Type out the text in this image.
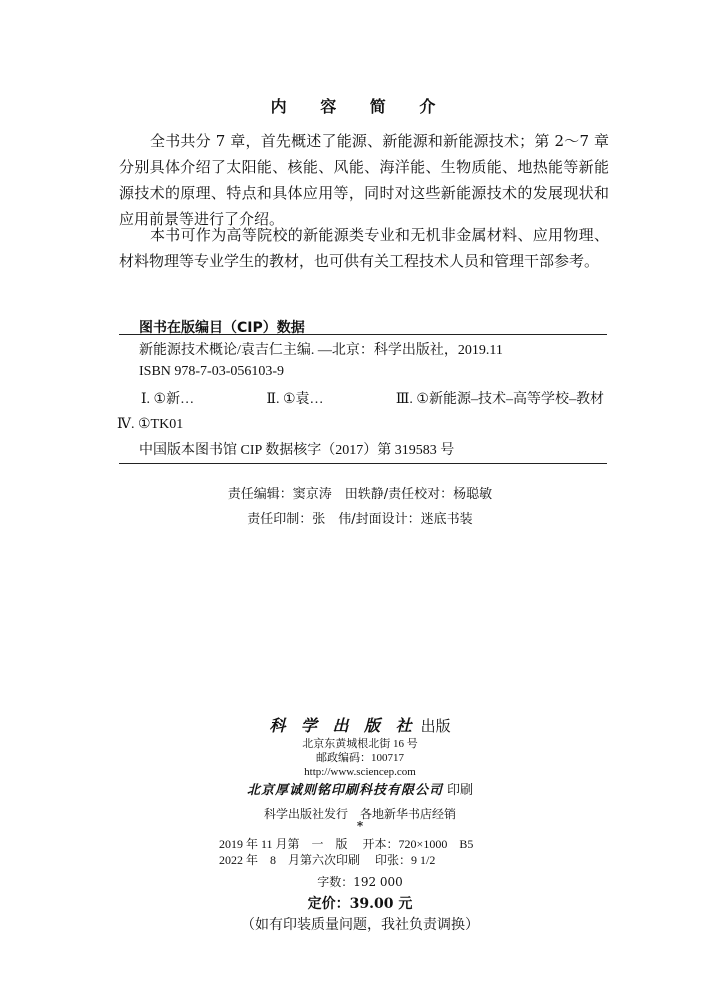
内 容 简 介
全书共分 7 章，首先概述了能源、新能源和新能源技术；第 2～7 章分别具体介绍了太阳能、核能、风能、海洋能、生物质能、地热能等新能源技术的原理、特点和具体应用等，同时对这些新能源技术的发展现状和应用前景等进行了介绍。
本书可作为高等院校的新能源类专业和无机非金属材料、应用物理、材料物理等专业学生的教材，也可供有关工程技术人员和管理干部参考。
图书在版编目（CIP）数据
新能源技术概论/袁吉仁主编. —北京：科学出版社，2019.11
ISBN 978-7-03-056103-9
Ⅰ. ①新…	Ⅱ. ①袁…	Ⅲ. ①新能源–技术–高等学校–教材
Ⅳ. ①TK01
中国版本图书馆 CIP 数据核字（2017）第 319583 号
责任编辑：窦京涛　田轶静/责任校对：杨聪敏
责任印制：张　伟/封面设计：迷底书装
科 学 出 版 社 出版
北京东黄城根北街 16 号
邮政编码：100717
http://www.sciencep.com
北京厚诚则铭印刷科技有限公司 印刷
科学出版社发行　各地新华书店经销
*
2019 年 11 月第　一　版　 开本：720×1000　B5
2022 年　8　月第六次印刷　 印张：9 1/2
字数：192 000
定价：39.00 元
（如有印装质量问题，我社负责调换）
